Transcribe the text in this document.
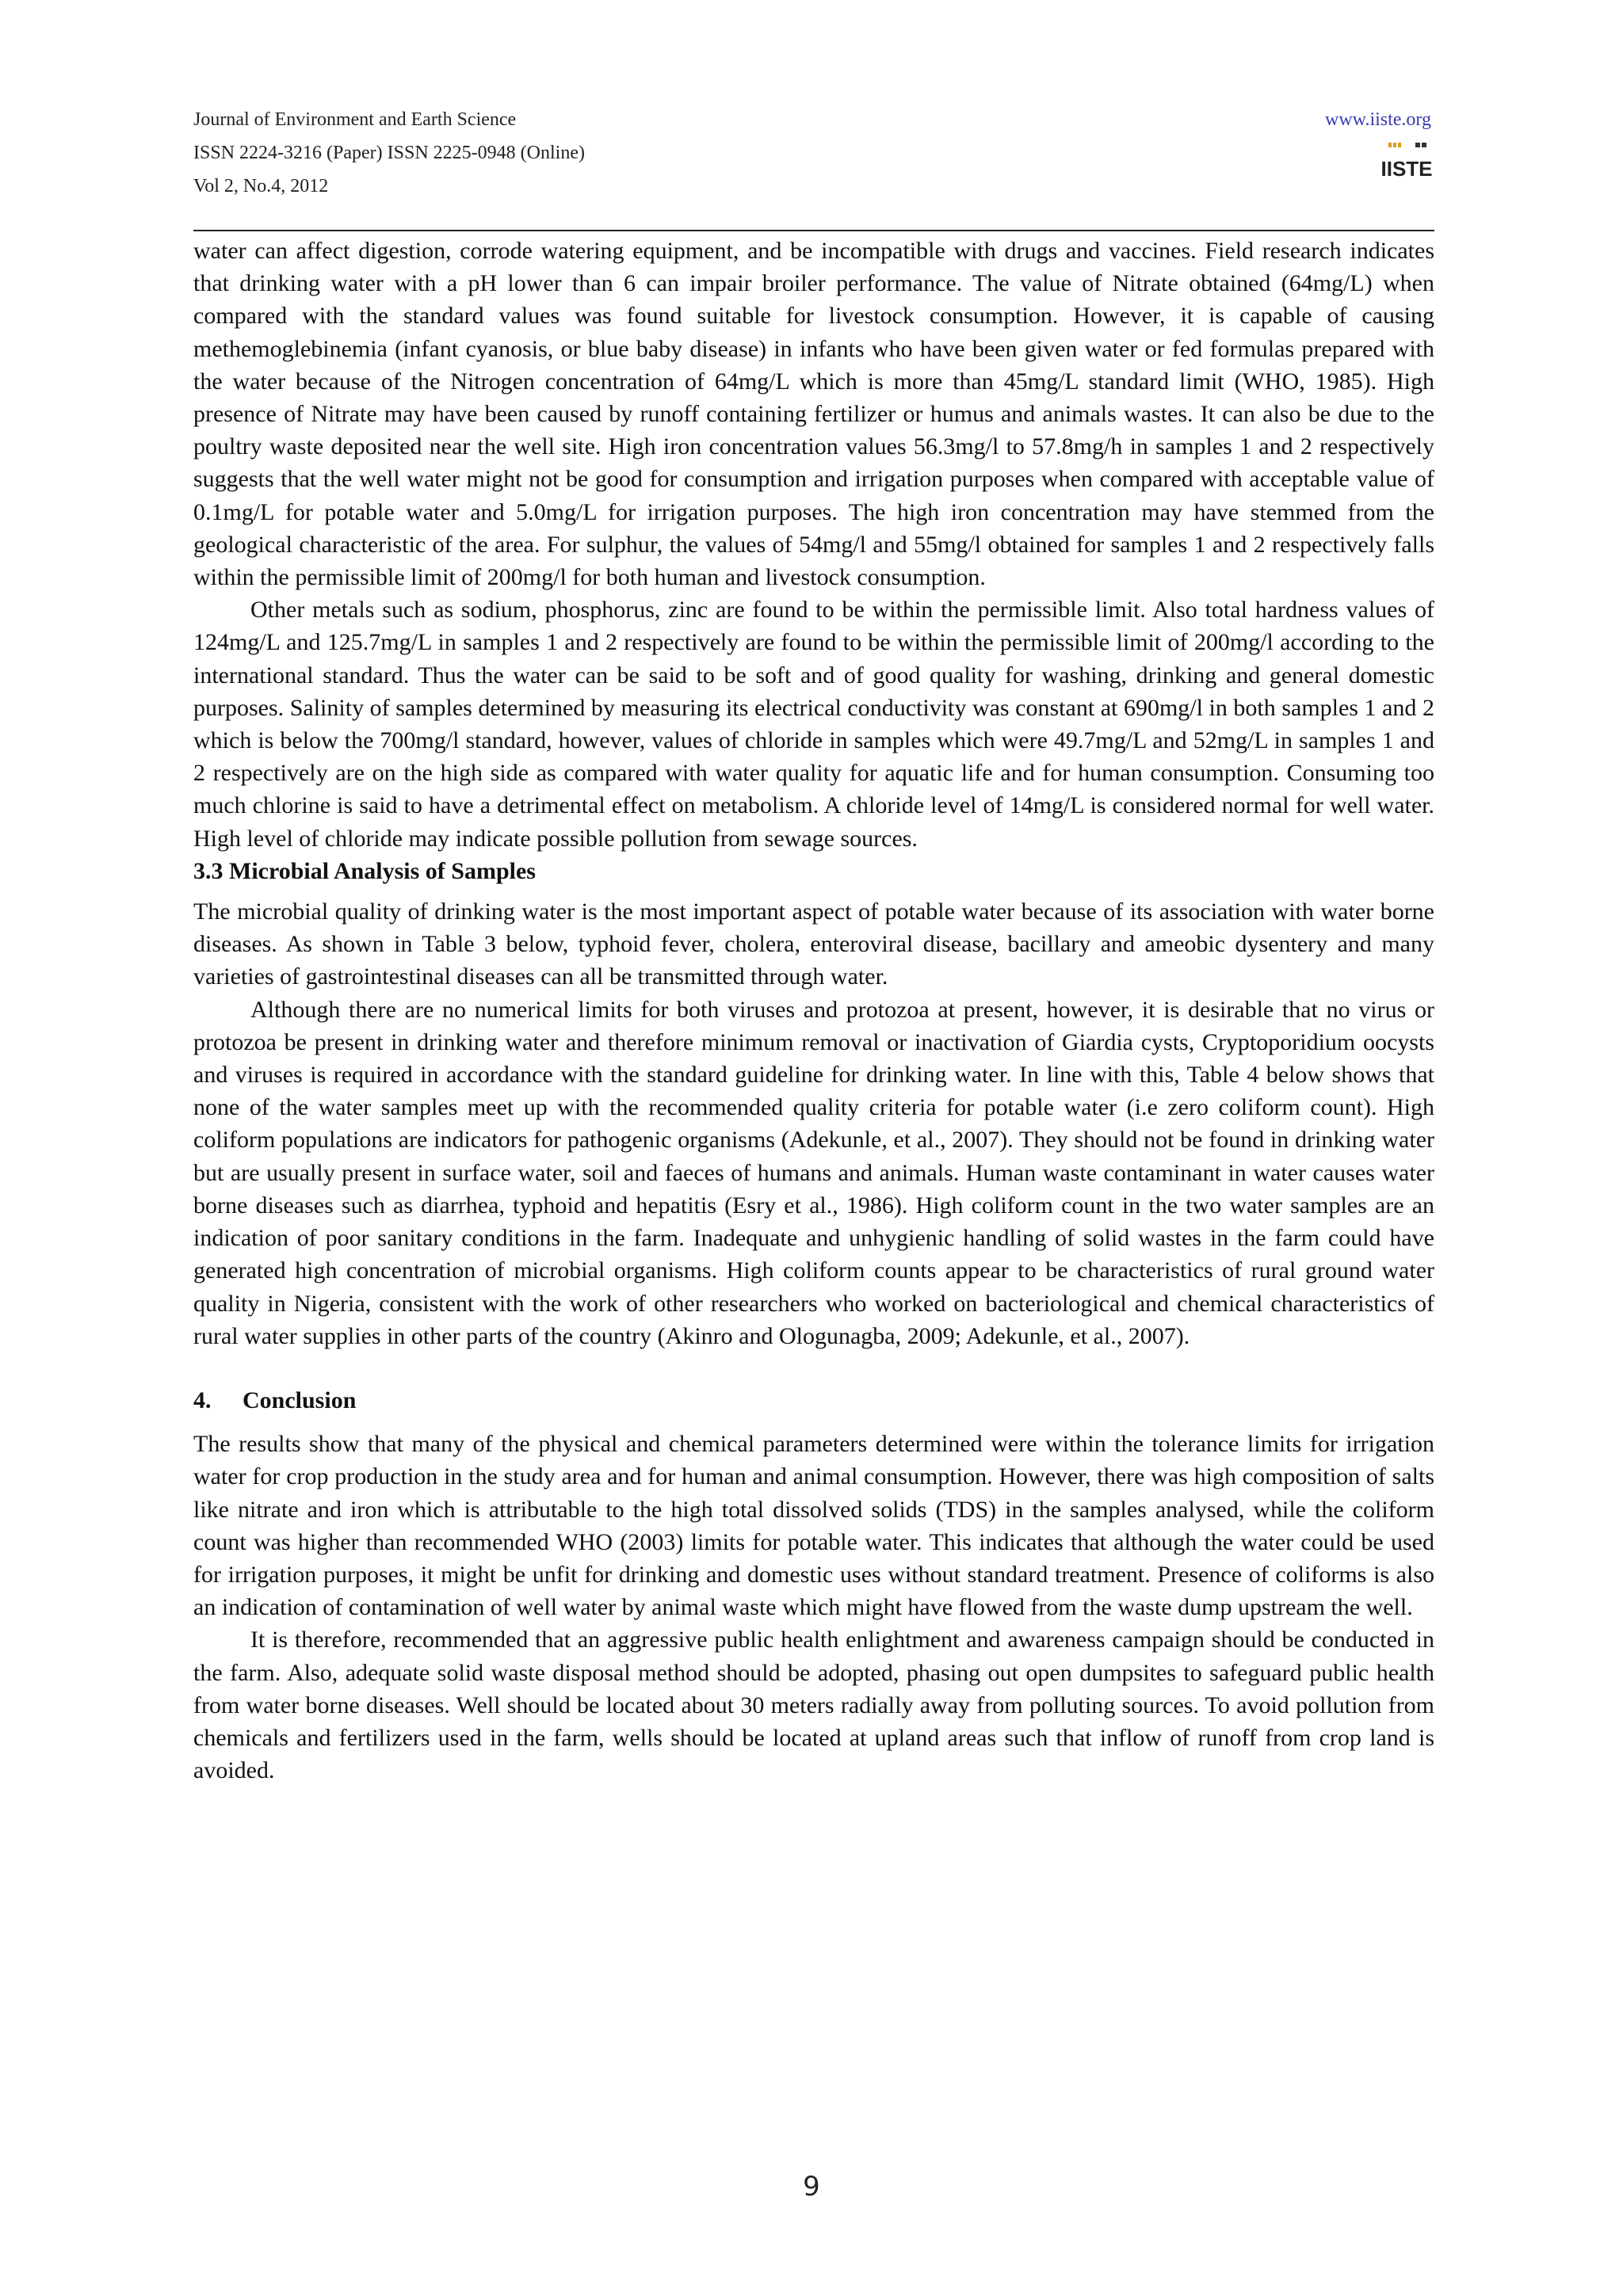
Journal of Environment and Earth Science

ISSN 2224-3216 (Paper) ISSN 2225-0948 (Online)

Vol 2, No.4, 2012

www.iiste.org
IISTE

water can affect digestion, corrode watering equipment, and be incompatible with drugs and vaccines. Field research indicates that drinking water with a pH lower than 6 can impair broiler performance. The value of Nitrate obtained (64mg/L) when compared with the standard values was found suitable for livestock consumption. However, it is capable of causing methemoglebinemia (infant cyanosis, or blue baby disease) in infants who have been given water or fed formulas prepared with the water because of the Nitrogen concentration of 64mg/L which is more than 45mg/L standard limit (WHO, 1985). High presence of Nitrate may have been caused by runoff containing fertilizer or humus and animals wastes. It can also be due to the poultry waste deposited near the well site. High iron concentration values 56.3mg/l to 57.8mg/h in samples 1 and 2 respectively suggests that the well water might not be good for consumption and irrigation purposes when compared with acceptable value of 0.1mg/L for potable water and 5.0mg/L for irrigation purposes. The high iron concentration may have stemmed from the geological characteristic of the area. For sulphur, the values of 54mg/l and 55mg/l obtained for samples 1 and 2 respectively falls within the permissible limit of 200mg/l for both human and livestock consumption.

Other metals such as sodium, phosphorus, zinc are found to be within the permissible limit. Also total hardness values of 124mg/L and 125.7mg/L in samples 1 and 2 respectively are found to be within the permissible limit of 200mg/l according to the international standard. Thus the water can be said to be soft and of good quality for washing, drinking and general domestic purposes. Salinity of samples determined by measuring its electrical conductivity was constant at 690mg/l in both samples 1 and 2 which is below the 700mg/l standard, however, values of chloride in samples which were 49.7mg/L and 52mg/L in samples 1 and 2 respectively are on the high side as compared with water quality for aquatic life and for human consumption. Consuming too much chlorine is said to have a detrimental effect on metabolism. A chloride level of 14mg/L is considered normal for well water. High level of chloride may indicate possible pollution from sewage sources.

3.3 Microbial Analysis of Samples

The microbial quality of drinking water is the most important aspect of potable water because of its association with water borne diseases. As shown in Table 3 below, typhoid fever, cholera, enteroviral disease, bacillary and ameobic dysentery and many varieties of gastrointestinal diseases can all be transmitted through water.

Although there are no numerical limits for both viruses and protozoa at present, however, it is desirable that no virus or protozoa be present in drinking water and therefore minimum removal or inactivation of Giardia cysts, Cryptoporidium oocysts and viruses is required in accordance with the standard guideline for drinking water. In line with this, Table 4 below shows that none of the water samples meet up with the recommended quality criteria for potable water (i.e zero coliform count). High coliform populations are indicators for pathogenic organisms (Adekunle, et al., 2007). They should not be found in drinking water but are usually present in surface water, soil and faeces of humans and animals. Human waste contaminant in water causes water borne diseases such as diarrhea, typhoid and hepatitis (Esry et al., 1986). High coliform count in the two water samples are an indication of poor sanitary conditions in the farm. Inadequate and unhygienic handling of solid wastes in the farm could have generated high concentration of microbial organisms. High coliform counts appear to be characteristics of rural ground water quality in Nigeria, consistent with the work of other researchers who worked on bacteriological and chemical characteristics of rural water supplies in other parts of the country (Akinro and Ologunagba, 2009; Adekunle, et al., 2007).

4. Conclusion

The results show that many of the physical and chemical parameters determined were within the tolerance limits for irrigation water for crop production in the study area and for human and animal consumption. However, there was high composition of salts like nitrate and iron which is attributable to the high total dissolved solids (TDS) in the samples analysed, while the coliform count was higher than recommended WHO (2003) limits for potable water. This indicates that although the water could be used for irrigation purposes, it might be unfit for drinking and domestic uses without standard treatment. Presence of coliforms is also an indication of contamination of well water by animal waste which might have flowed from the waste dump upstream the well.

It is therefore, recommended that an aggressive public health enlightment and awareness campaign should be conducted in the farm. Also, adequate solid waste disposal method should be adopted, phasing out open dumpsites to safeguard public health from water borne diseases. Well should be located about 30 meters radially away from polluting sources. To avoid pollution from chemicals and fertilizers used in the farm, wells should be located at upland areas such that inflow of runoff from crop land is avoided.

9
